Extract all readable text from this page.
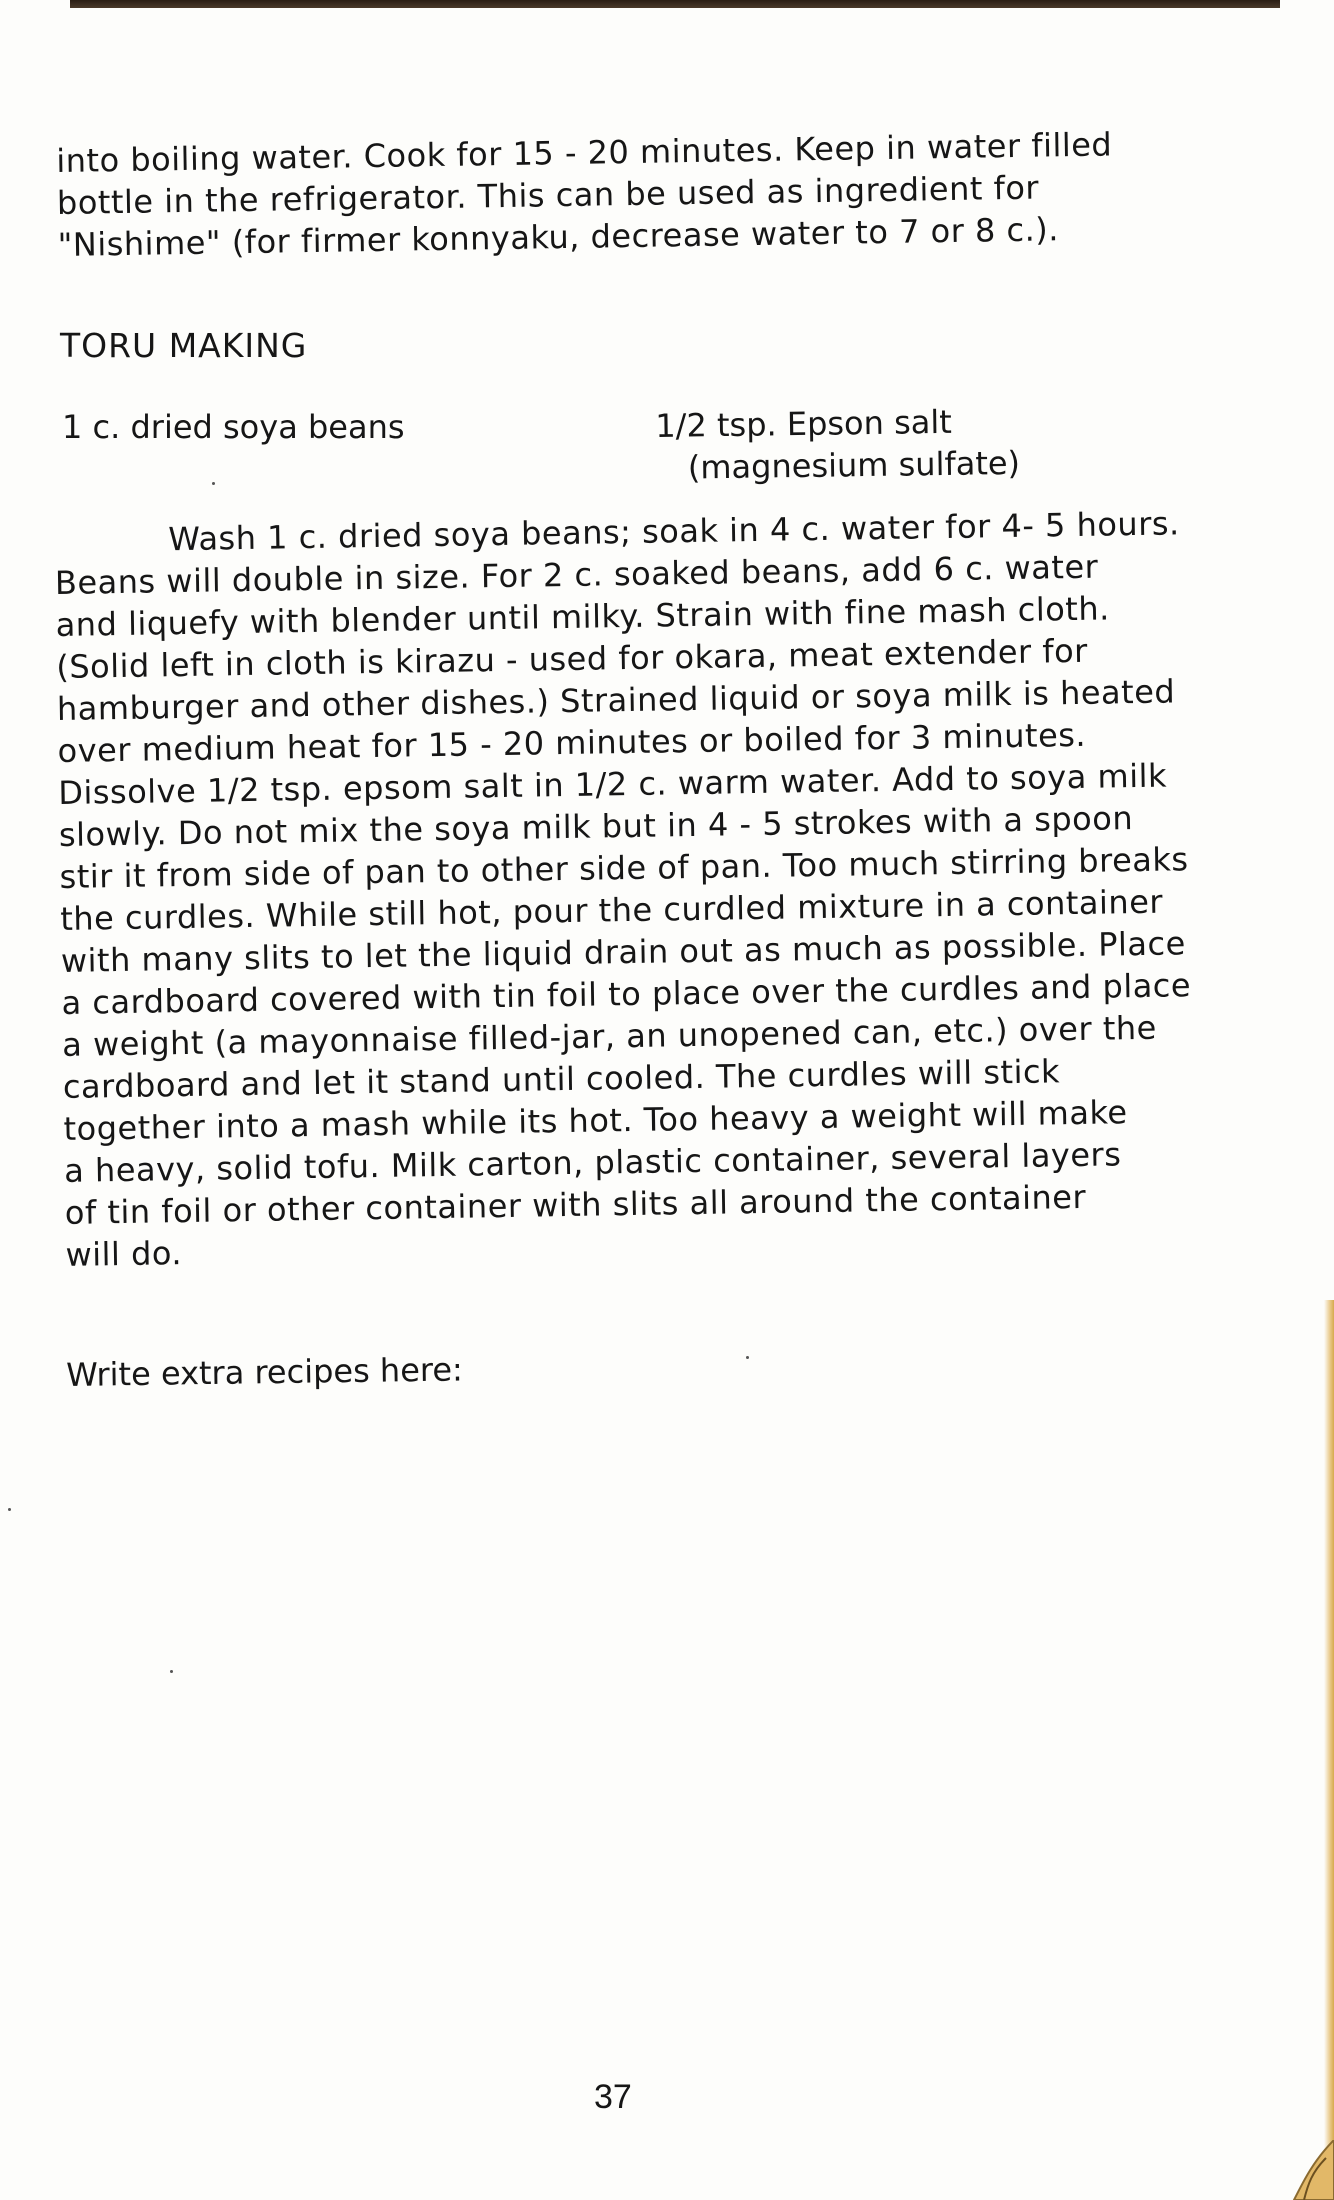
into boiling water. Cook for 15 - 20 minutes. Keep in water filled
bottle in the refrigerator. This can be used as ingredient for
"Nishime" (for firmer konnyaku, decrease water to 7 or 8 c.).
TORU MAKING
1 c. dried soya beans	1/2 tsp. Epson salt
(magnesium sulfate)
Wash 1 c. dried soya beans; soak in 4 c. water for 4- 5 hours.
Beans will double in size. For 2 c. soaked beans, add 6 c. water
and liquefy with blender until milky. Strain with fine mash cloth.
(Solid left in cloth is kirazu - used for okara, meat extender for
hamburger and other dishes.) Strained liquid or soya milk is heated
over medium heat for 15 - 20 minutes or boiled for 3 minutes.
Dissolve 1/2 tsp. epsom salt in 1/2 c. warm water. Add to soya milk
slowly. Do not mix the soya milk but in 4 - 5 strokes with a spoon
stir it from side of pan to other side of pan. Too much stirring breaks
the curdles. While still hot, pour the curdled mixture in a container
with many slits to let the liquid drain out as much as possible. Place
a cardboard covered with tin foil to place over the curdles and place
a weight (a mayonnaise filled-jar, an unopened can, etc.) over the
cardboard and let it stand until cooled. The curdles will stick
together into a mash while its hot. Too heavy a weight will make
a heavy, solid tofu. Milk carton, plastic container, several layers
of tin foil or other container with slits all around the container
will do.
Write extra recipes here:
37
